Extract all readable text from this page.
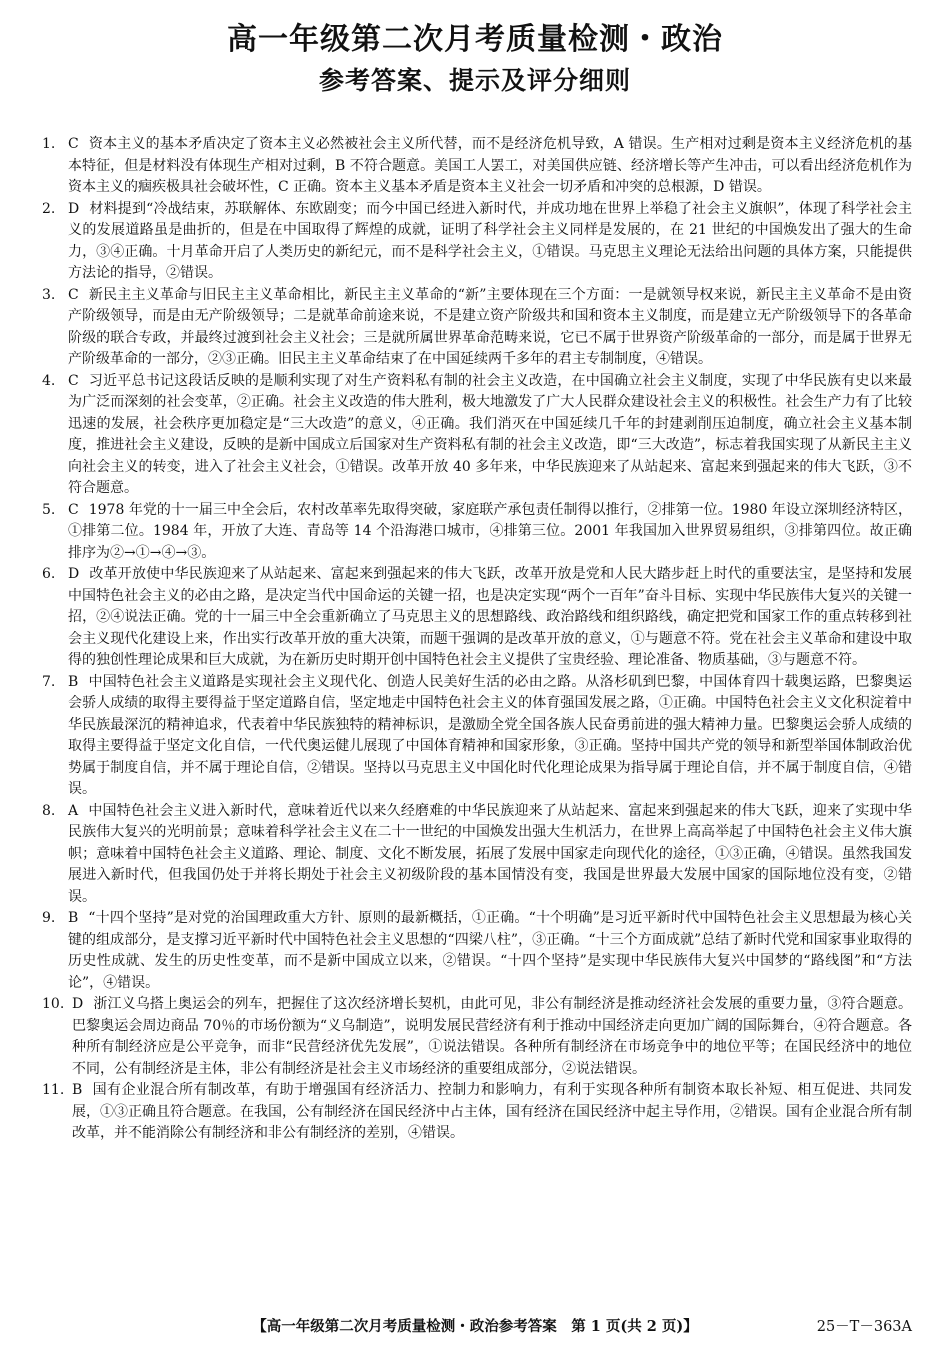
高一年级第二次月考质量检测・政治
参考答案、提示及评分细则

1. C 资本主义的基本矛盾决定了资本主义必然被社会主义所代替，而不是经济危机导致，A 错误。生产相对过剩是资本主义经济危机的基本特征，但是材料没有体现生产相对过剩，B 不符合题意。美国工人罢工，对美国供应链、经济增长等产生冲击，可以看出经济危机作为资本主义的痼疾极具社会破坏性，C 正确。资本主义基本矛盾是资本主义社会一切矛盾和冲突的总根源，D 错误。

2. D 材料提到“冷战结束，苏联解体、东欧剧变；而今中国已经进入新时代，并成功地在世界上举稳了社会主义旗帜”，体现了科学社会主义的发展道路虽是曲折的，但是在中国取得了辉煌的成就，证明了科学社会主义同样是发展的，在 21 世纪的中国焕发出了强大的生命力，③④正确。十月革命开启了人类历史的新纪元，而不是科学社会主义，①错误。马克思主义理论无法给出问题的具体方案，只能提供方法论的指导，②错误。

3. C 新民主主义革命与旧民主主义革命相比，新民主主义革命的“新”主要体现在三个方面：一是就领导权来说，新民主主义革命不是由资产阶级领导，而是由无产阶级领导；二是就革命前途来说，不是建立资产阶级共和国和资本主义制度，而是建立无产阶级领导下的各革命阶级的联合专政，并最终过渡到社会主义社会；三是就所属世界革命范畴来说，它已不属于世界资产阶级革命的一部分，而是属于世界无产阶级革命的一部分，②③正确。旧民主主义革命结束了在中国延续两千多年的君主专制制度，④错误。

4. C 习近平总书记这段话反映的是顺利实现了对生产资料私有制的社会主义改造，在中国确立社会主义制度，实现了中华民族有史以来最为广泛而深刻的社会变革，②正确。社会主义改造的伟大胜利，极大地激发了广大人民群众建设社会主义的积极性。社会生产力有了比较迅速的发展，社会秩序更加稳定是“三大改造”的意义，④正确。我们消灭在中国延续几千年的封建剥削压迫制度，确立社会主义基本制度，推进社会主义建设，反映的是新中国成立后国家对生产资料私有制的社会主义改造，即“三大改造”，标志着我国实现了从新民主主义向社会主义的转变，进入了社会主义社会，①错误。改革开放 40 多年来，中华民族迎来了从站起来、富起来到强起来的伟大飞跃，③不符合题意。

5. C 1978 年党的十一届三中全会后，农村改革率先取得突破，家庭联产承包责任制得以推行，②排第一位。1980 年设立深圳经济特区，①排第二位。1984 年，开放了大连、青岛等 14 个沿海港口城市，④排第三位。2001 年我国加入世界贸易组织，③排第四位。故正确排序为②→①→④→③。

6. D 改革开放使中华民族迎来了从站起来、富起来到强起来的伟大飞跃，改革开放是党和人民大踏步赶上时代的重要法宝，是坚持和发展中国特色社会主义的必由之路，是决定当代中国命运的关键一招，也是决定实现“两个一百年”奋斗目标、实现中华民族伟大复兴的关键一招，②④说法正确。党的十一届三中全会重新确立了马克思主义的思想路线、政治路线和组织路线，确定把党和国家工作的重点转移到社会主义现代化建设上来，作出实行改革开放的重大决策，而题干强调的是改革开放的意义，①与题意不符。党在社会主义革命和建设中取得的独创性理论成果和巨大成就，为在新历史时期开创中国特色社会主义提供了宝贵经验、理论准备、物质基础，③与题意不符。

7. B 中国特色社会主义道路是实现社会主义现代化、创造人民美好生活的必由之路。从洛杉矶到巴黎，中国体育四十载奥运路，巴黎奥运会骄人成绩的取得主要得益于坚定道路自信，坚定地走中国特色社会主义的体育强国发展之路，①正确。中国特色社会主义文化积淀着中华民族最深沉的精神追求，代表着中华民族独特的精神标识，是激励全党全国各族人民奋勇前进的强大精神力量。巴黎奥运会骄人成绩的取得主要得益于坚定文化自信，一代代奥运健儿展现了中国体育精神和国家形象，③正确。坚持中国共产党的领导和新型举国体制政治优势属于制度自信，并不属于理论自信，②错误。坚持以马克思主义中国化时代化理论成果为指导属于理论自信，并不属于制度自信，④错误。

8. A 中国特色社会主义进入新时代，意味着近代以来久经磨难的中华民族迎来了从站起来、富起来到强起来的伟大飞跃，迎来了实现中华民族伟大复兴的光明前景；意味着科学社会主义在二十一世纪的中国焕发出强大生机活力，在世界上高高举起了中国特色社会主义伟大旗帜；意味着中国特色社会主义道路、理论、制度、文化不断发展，拓展了发展中国家走向现代化的途径，①③正确，④错误。虽然我国发展进入新时代，但我国仍处于并将长期处于社会主义初级阶段的基本国情没有变，我国是世界最大发展中国家的国际地位没有变，②错误。

9. B “十四个坚持”是对党的治国理政重大方针、原则的最新概括，①正确。“十个明确”是习近平新时代中国特色社会主义思想最为核心关键的组成部分，是支撑习近平新时代中国特色社会主义思想的“四梁八柱”，③正确。“十三个方面成就”总结了新时代党和国家事业取得的历史性成就、发生的历史性变革，而不是新中国成立以来，②错误。“十四个坚持”是实现中华民族伟大复兴中国梦的“路线图”和“方法论”，④错误。

10. D 浙江义乌搭上奥运会的列车，把握住了这次经济增长契机，由此可见，非公有制经济是推动经济社会发展的重要力量，③符合题意。巴黎奥运会周边商品 70％的市场份额为“义乌制造”，说明发展民营经济有利于推动中国经济走向更加广阔的国际舞台，④符合题意。各种所有制经济应是公平竞争，而非“民营经济优先发展”，①说法错误。各种所有制经济在市场竞争中的地位平等；在国民经济中的地位不同，公有制经济是主体，非公有制经济是社会主义市场经济的重要组成部分，②说法错误。

11. B 国有企业混合所有制改革，有助于增强国有经济活力、控制力和影响力，有利于实现各种所有制资本取长补短、相互促进、共同发展，①③正确且符合题意。在我国，公有制经济在国民经济中占主体，国有经济在国民经济中起主导作用，②错误。国有企业混合所有制改革，并不能消除公有制经济和非公有制经济的差别，④错误。

【高一年级第二次月考质量检测・政治参考答案　第 1 页(共 2 页)】	25－T－363A
